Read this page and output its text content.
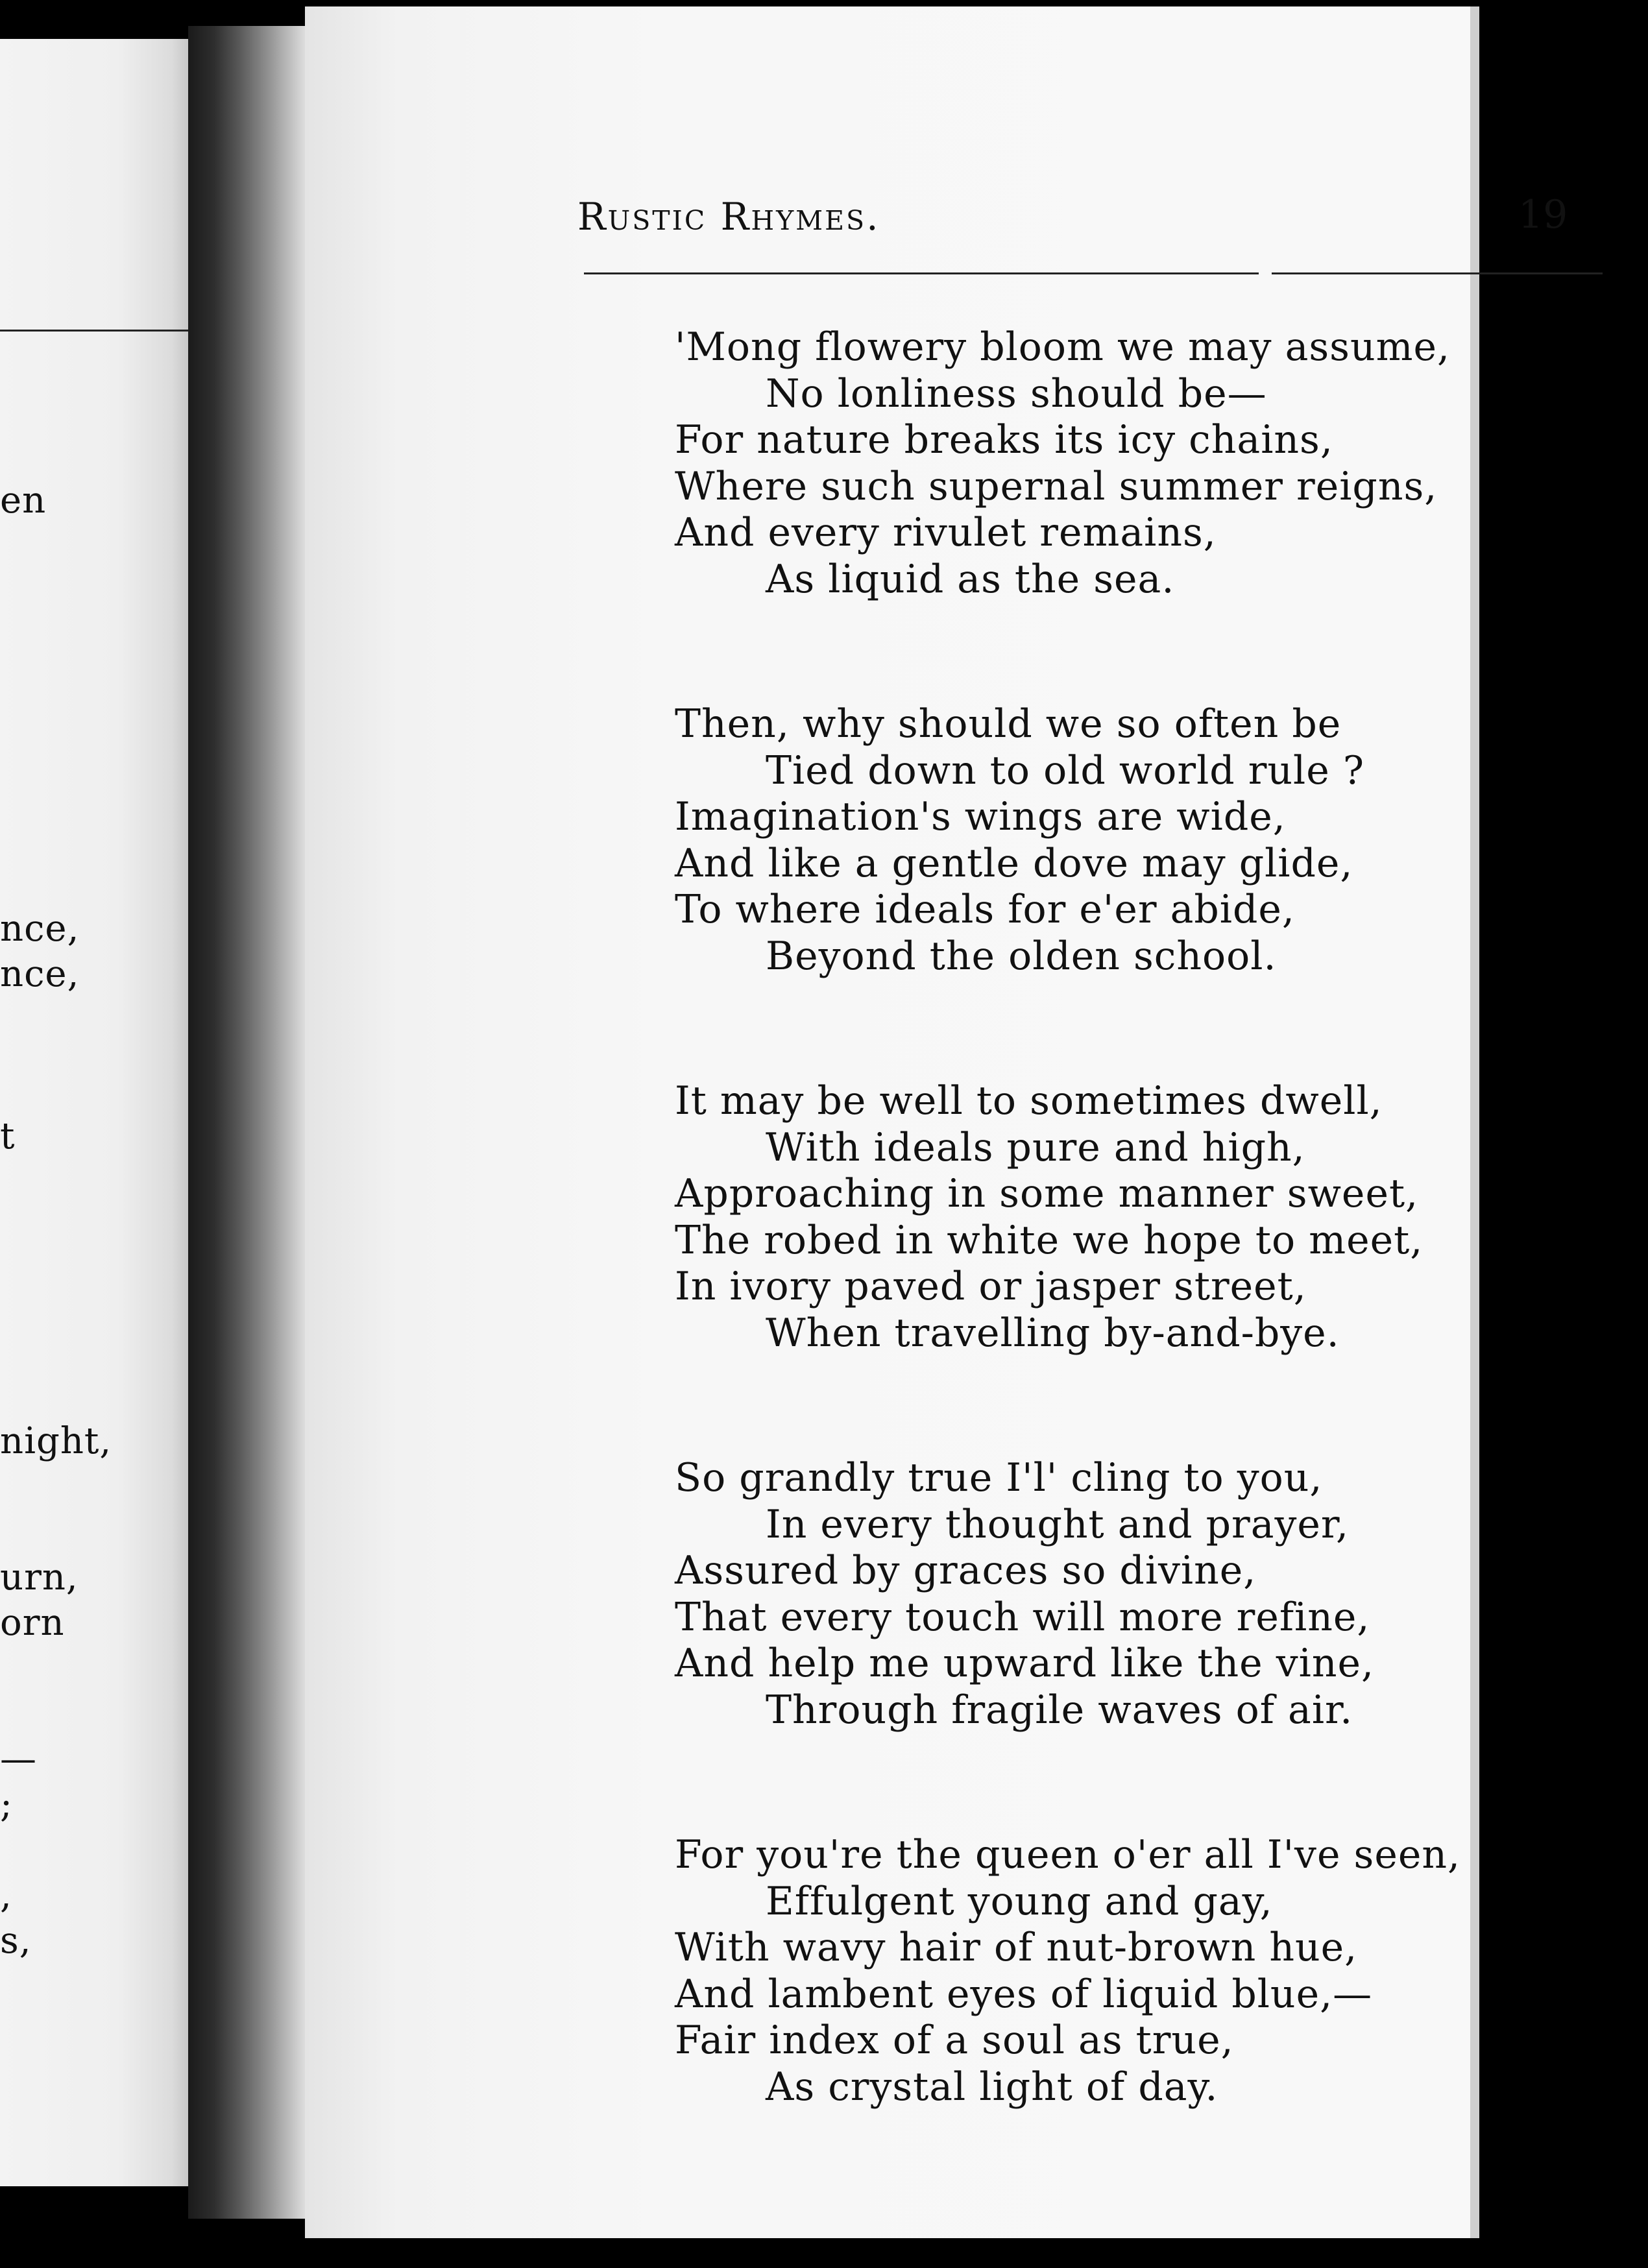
en
nce,
nce,
t
night,
urn,
orn
—
;
,
s,
Rustic Rhymes.	19
'Mong flowery bloom we may assume,
No lonliness should be—
For nature breaks its icy chains,
Where such supernal summer reigns,
And every rivulet remains,
As liquid as the sea.
Then, why should we so often be
Tied down to old world rule ?
Imagination's wings are wide,
And like a gentle dove may glide,
To where ideals for e'er abide,
Beyond the olden school.
It may be well to sometimes dwell,
With ideals pure and high,
Approaching in some manner sweet,
The robed in white we hope to meet,
In ivory paved or jasper street,
When travelling by-and-bye.
So grandly true I'l' cling to you,
In every thought and prayer,
Assured by graces so divine,
That every touch will more refine,
And help me upward like the vine,
Through fragile waves of air.
For you're the queen o'er all I've seen,
Effulgent young and gay,
With wavy hair of nut-brown hue,
And lambent eyes of liquid blue,—
Fair index of a soul as true,
As crystal light of day.
